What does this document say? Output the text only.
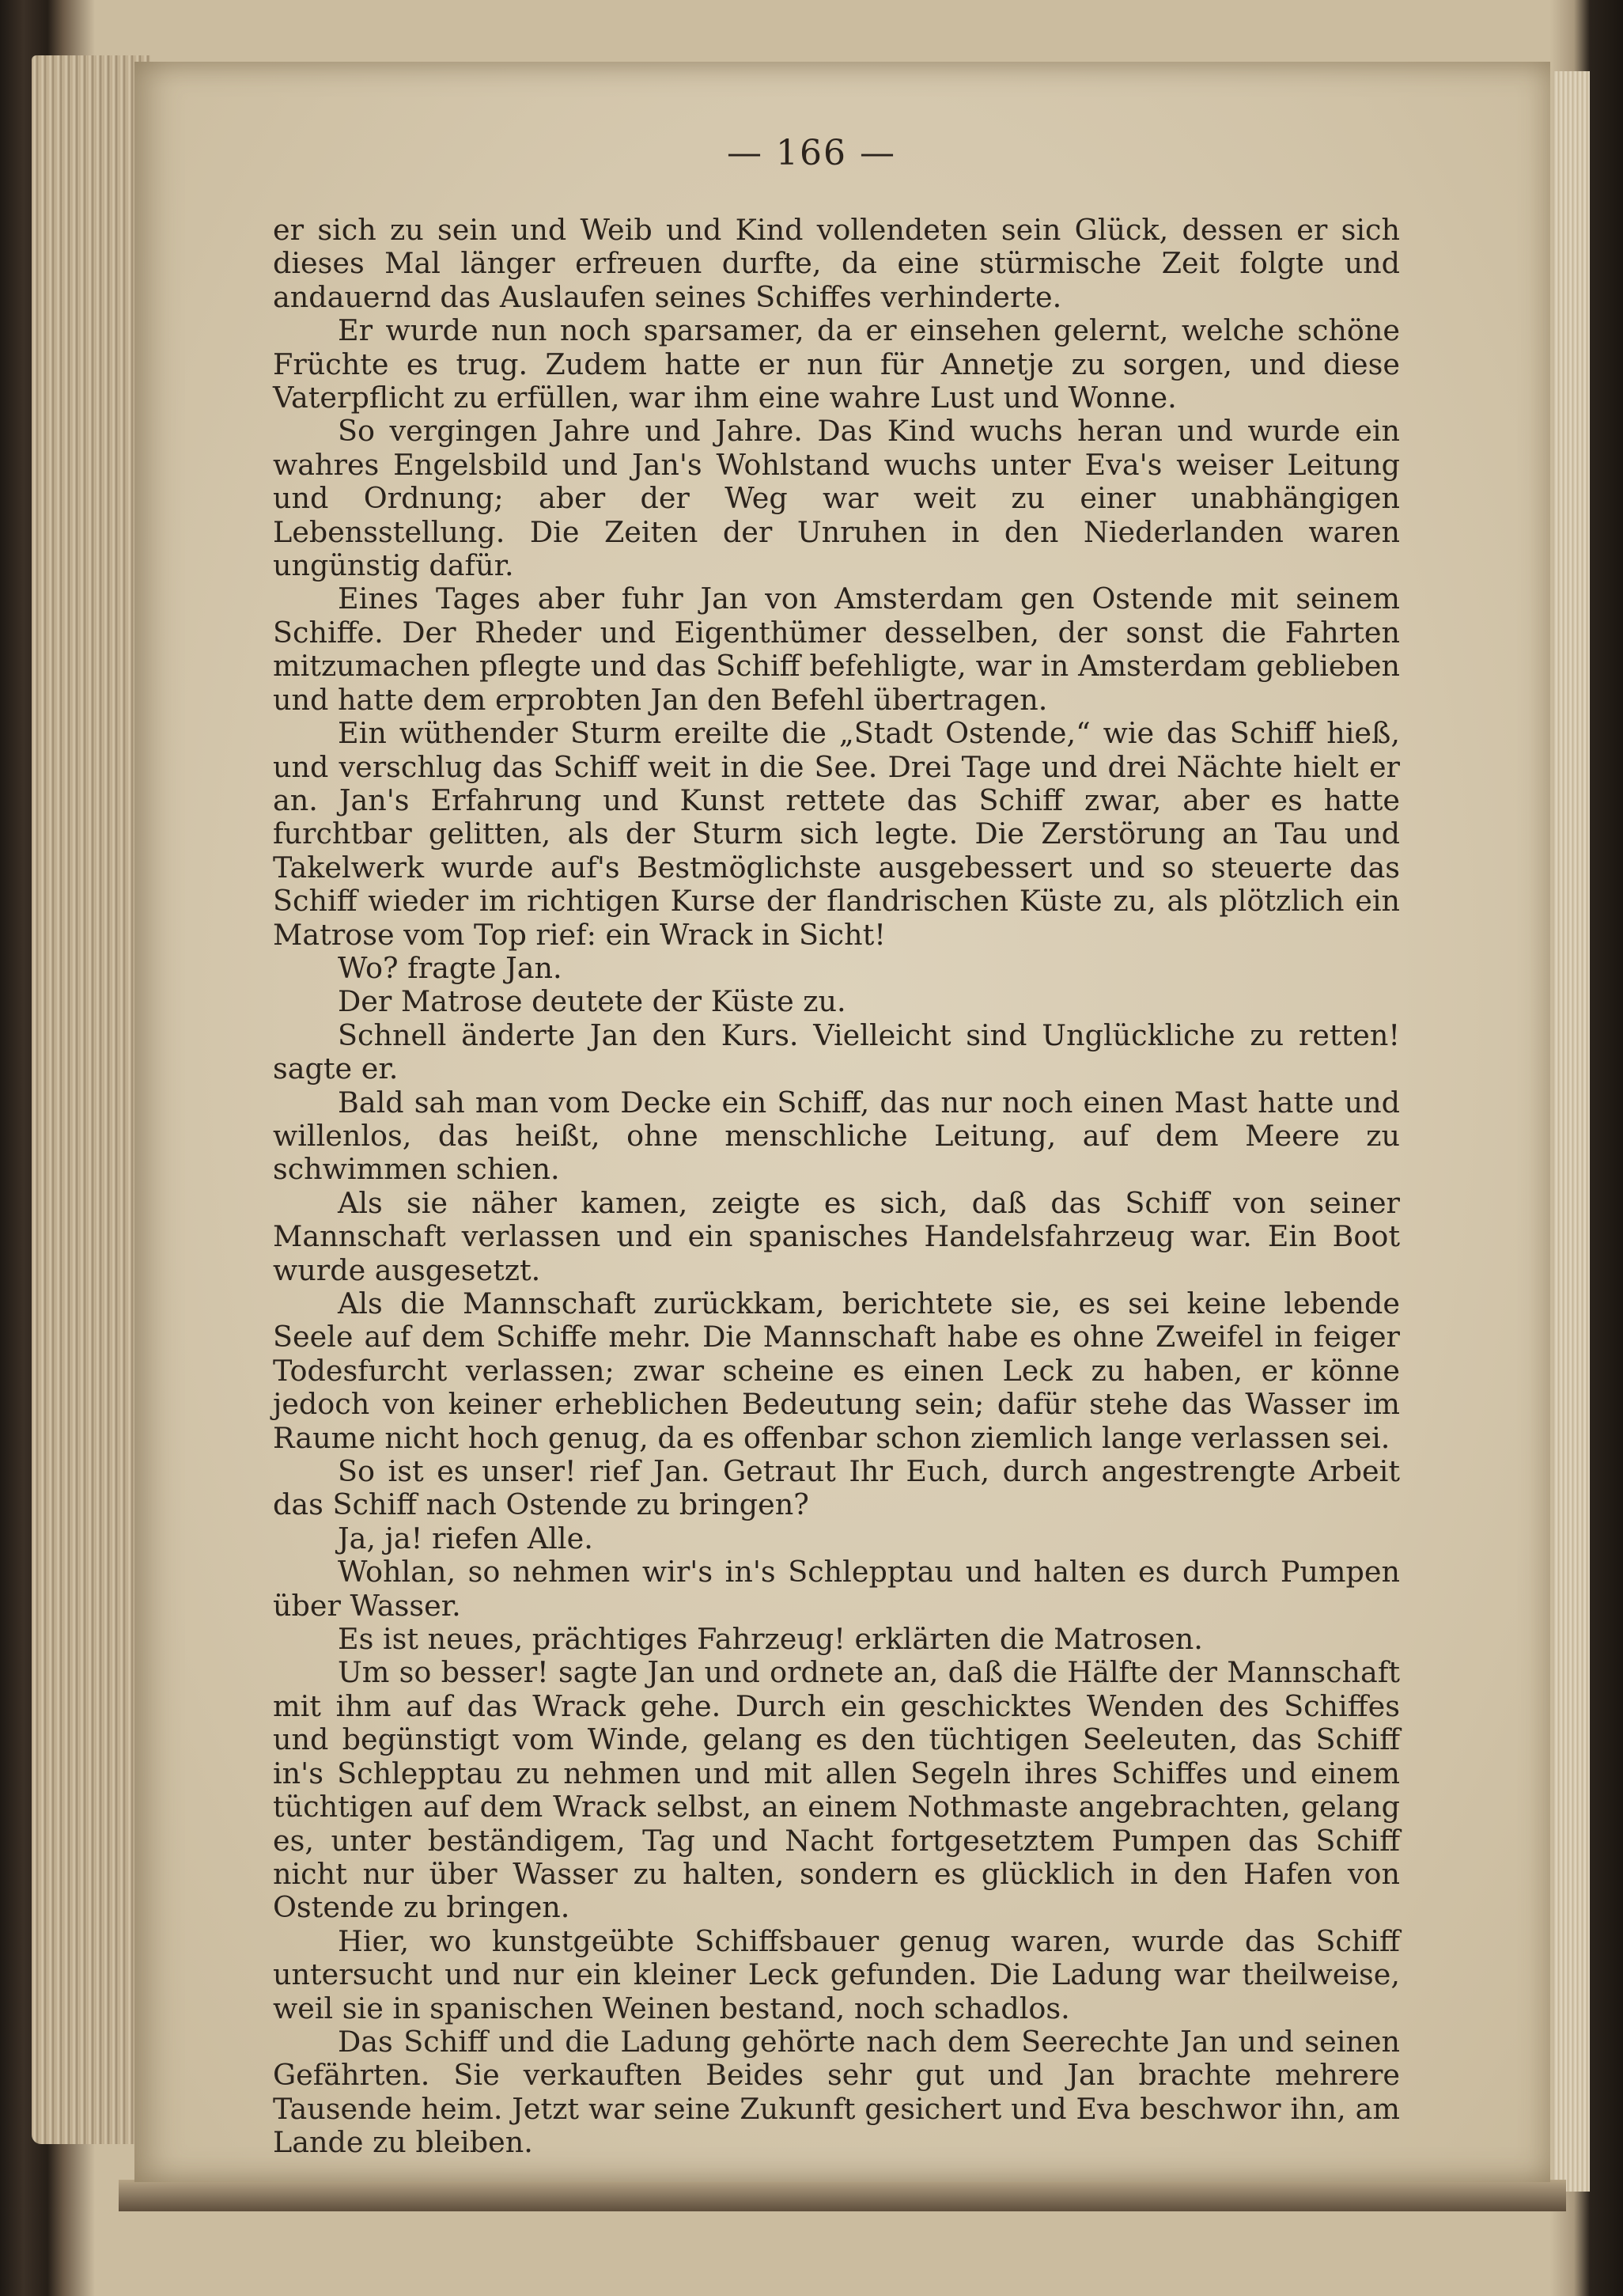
— 166 —

er sich zu sein und Weib und Kind vollendeten sein Glück, dessen er sich dieses Mal länger erfreuen durfte, da eine stürmische Zeit folgte und andauernd das Auslaufen seines Schiffes verhinderte.

Er wurde nun noch sparsamer, da er einsehen gelernt, welche schöne Früchte es trug. Zudem hatte er nun für Annetje zu sorgen, und diese Vaterpflicht zu erfüllen, war ihm eine wahre Lust und Wonne.

So vergingen Jahre und Jahre. Das Kind wuchs heran und wurde ein wahres Engelsbild und Jan's Wohlstand wuchs unter Eva's weiser Leitung und Ordnung; aber der Weg war weit zu einer unabhängigen Lebensstellung. Die Zeiten der Unruhen in den Niederlanden waren ungünstig dafür.

Eines Tages aber fuhr Jan von Amsterdam gen Ostende mit seinem Schiffe. Der Rheder und Eigenthümer desselben, der sonst die Fahrten mitzumachen pflegte und das Schiff befehligte, war in Amsterdam geblieben und hatte dem erprobten Jan den Befehl übertragen.

Ein wüthender Sturm ereilte die „Stadt Ostende,“ wie das Schiff hieß, und verschlug das Schiff weit in die See. Drei Tage und drei Nächte hielt er an. Jan's Erfahrung und Kunst rettete das Schiff zwar, aber es hatte furchtbar gelitten, als der Sturm sich legte. Die Zerstörung an Tau und Takelwerk wurde auf's Bestmöglichste ausgebessert und so steuerte das Schiff wieder im richtigen Kurse der flandrischen Küste zu, als plötzlich ein Matrose vom Top rief: ein Wrack in Sicht!

Wo? fragte Jan.

Der Matrose deutete der Küste zu.

Schnell änderte Jan den Kurs. Vielleicht sind Unglückliche zu retten! sagte er.

Bald sah man vom Decke ein Schiff, das nur noch einen Mast hatte und willenlos, das heißt, ohne menschliche Leitung, auf dem Meere zu schwimmen schien.

Als sie näher kamen, zeigte es sich, daß das Schiff von seiner Mannschaft verlassen und ein spanisches Handelsfahrzeug war. Ein Boot wurde ausgesetzt.

Als die Mannschaft zurückkam, berichtete sie, es sei keine lebende Seele auf dem Schiffe mehr. Die Mannschaft habe es ohne Zweifel in feiger Todesfurcht verlassen; zwar scheine es einen Leck zu haben, er könne jedoch von keiner erheblichen Bedeutung sein; dafür stehe das Wasser im Raume nicht hoch genug, da es offenbar schon ziemlich lange verlassen sei.

So ist es unser! rief Jan. Getraut Ihr Euch, durch angestrengte Arbeit das Schiff nach Ostende zu bringen?

Ja, ja! riefen Alle.

Wohlan, so nehmen wir's in's Schlepptau und halten es durch Pumpen über Wasser.

Es ist neues, prächtiges Fahrzeug! erklärten die Matrosen.

Um so besser! sagte Jan und ordnete an, daß die Hälfte der Mannschaft mit ihm auf das Wrack gehe. Durch ein geschicktes Wenden des Schiffes und begünstigt vom Winde, gelang es den tüchtigen Seeleuten, das Schiff in's Schlepptau zu nehmen und mit allen Segeln ihres Schiffes und einem tüchtigen auf dem Wrack selbst, an einem Nothmaste angebrachten, gelang es, unter beständigem, Tag und Nacht fortgesetztem Pumpen das Schiff nicht nur über Wasser zu halten, sondern es glücklich in den Hafen von Ostende zu bringen.

Hier, wo kunstgeübte Schiffsbauer genug waren, wurde das Schiff untersucht und nur ein kleiner Leck gefunden. Die Ladung war theilweise, weil sie in spanischen Weinen bestand, noch schadlos.

Das Schiff und die Ladung gehörte nach dem Seerechte Jan und seinen Gefährten. Sie verkauften Beides sehr gut und Jan brachte mehrere Tausende heim. Jetzt war seine Zukunft gesichert und Eva beschwor ihn, am Lande zu bleiben.
